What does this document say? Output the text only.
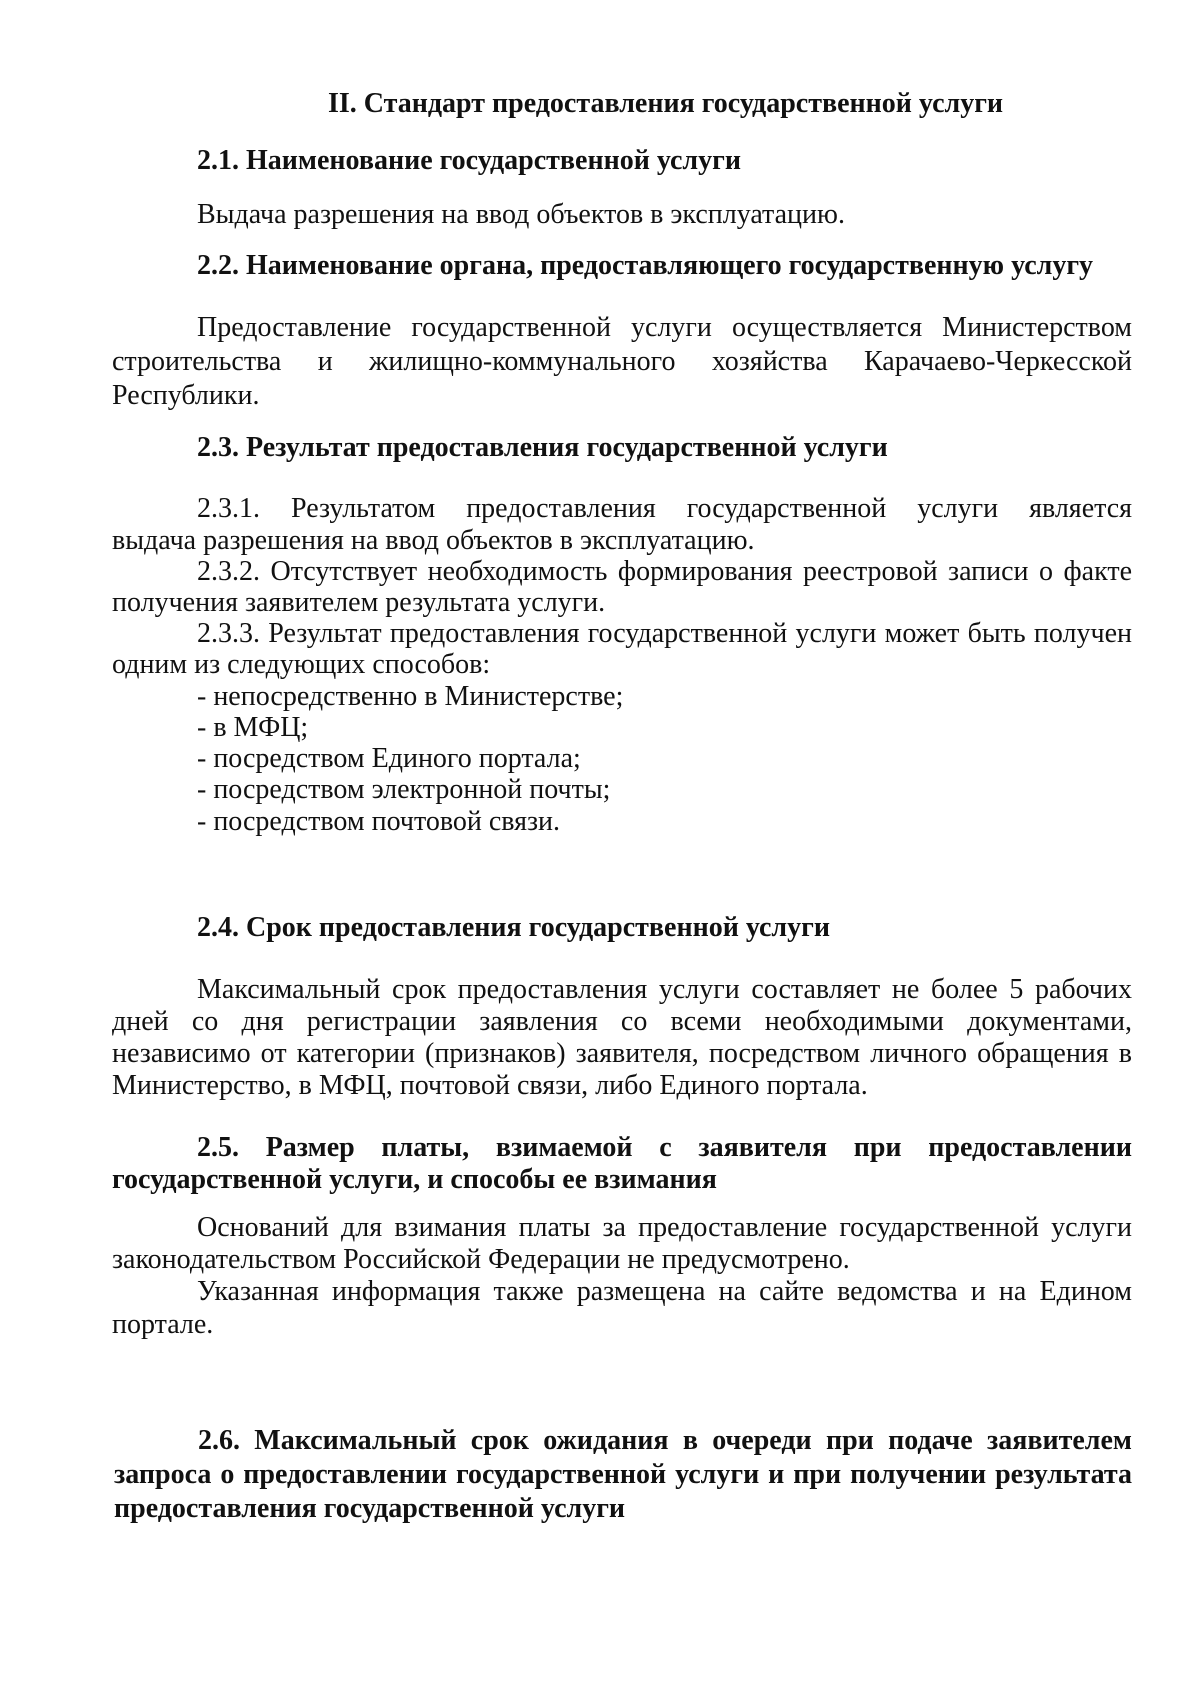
II. Стандарт предоставления государственной услуги
2.1. Наименование государственной услуги
Выдача разрешения на ввод объектов в эксплуатацию.
2.2. Наименование органа, предоставляющего государственную услугу
Предоставление государственной услуги осуществляется Министерством
строительства и жилищно-коммунального хозяйства Карачаево-Черкесской
Республики.
2.3. Результат предоставления государственной услуги
2.3.1. Результатом предоставления государственной услуги является
выдача разрешения на ввод объектов в эксплуатацию.
2.3.2. Отсутствует необходимость формирования реестровой записи о факте
получения заявителем результата услуги.
2.3.3. Результат предоставления государственной услуги может быть получен
одним из следующих способов:
- непосредственно в Министерстве;
- в МФЦ;
- посредством Единого портала;
- посредством электронной почты;
- посредством почтовой связи.
2.4. Срок предоставления государственной услуги
Максимальный срок предоставления услуги составляет не более 5 рабочих
дней со дня регистрации заявления со всеми необходимыми документами,
независимо от категории (признаков) заявителя, посредством личного обращения в
Министерство, в МФЦ, почтовой связи, либо Единого портала.
2.5. Размер платы, взимаемой с заявителя при предоставлении
государственной услуги, и способы ее взимания
Оснований для взимания платы за предоставление государственной услуги
законодательством Российской Федерации не предусмотрено.
Указанная информация также размещена на сайте ведомства и на Едином
портале.
2.6. Максимальный срок ожидания в очереди при подаче заявителем
запроса о предоставлении государственной услуги и при получении результата
предоставления государственной услуги
